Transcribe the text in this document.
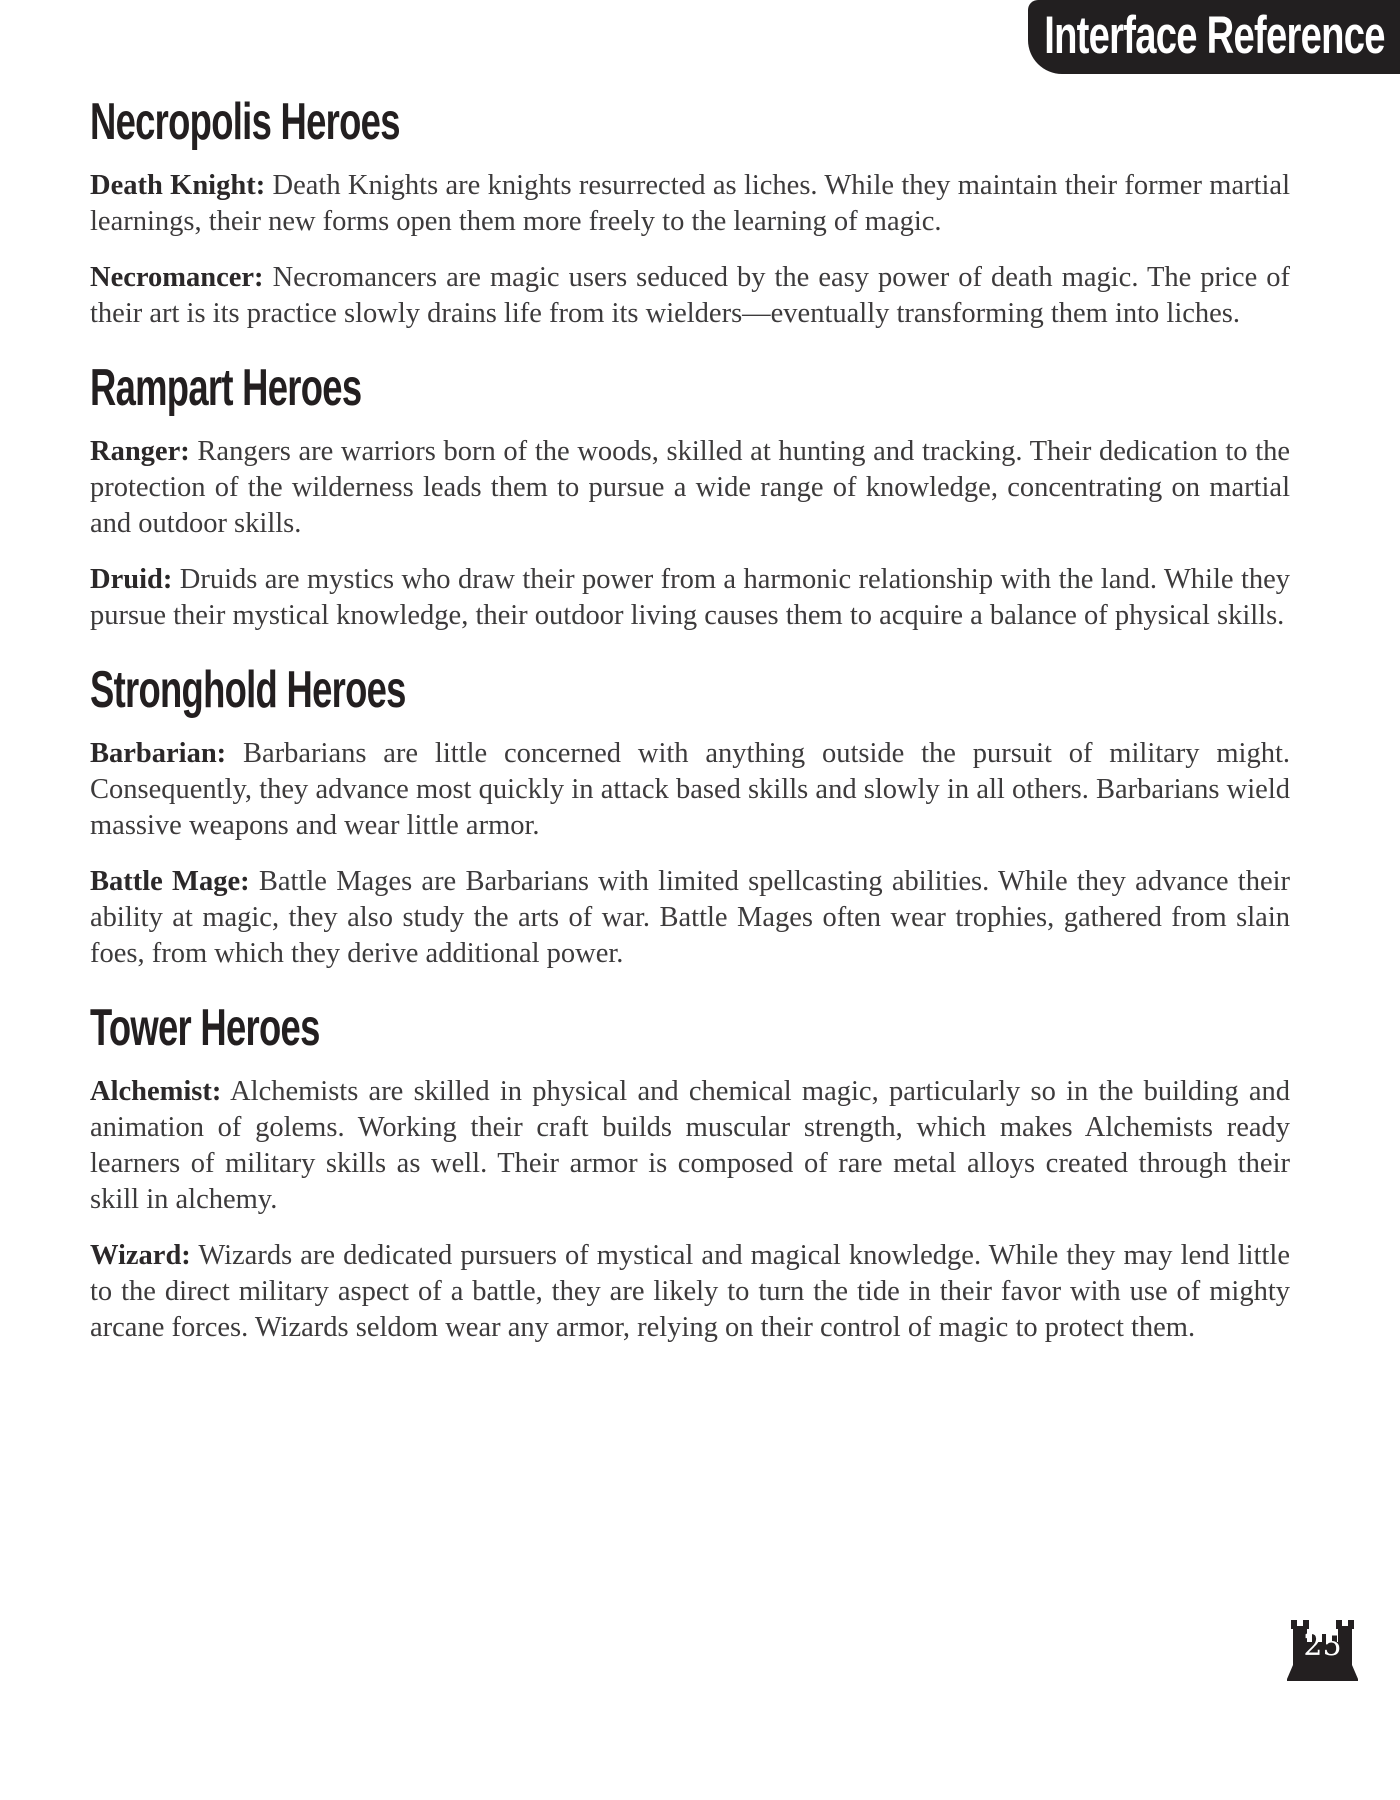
Interface Reference
Necropolis Heroes

Death Knight: Death Knights are knights resurrected as liches. While they maintain their former martial learnings, their new forms open them more freely to the learning of magic.

Necromancer: Necromancers are magic users seduced by the easy power of death magic. The price of their art is its practice slowly drains life from its wielders—eventually transforming them into liches.

Rampart Heroes

Ranger: Rangers are warriors born of the woods, skilled at hunting and tracking. Their dedication to the protection of the wilderness leads them to pursue a wide range of knowledge, concentrating on martial and outdoor skills.

Druid: Druids are mystics who draw their power from a harmonic relationship with the land. While they pursue their mystical knowledge, their outdoor living causes them to acquire a balance of physical skills.

Stronghold Heroes

Barbarian: Barbarians are little concerned with anything outside the pursuit of military might. Consequently, they advance most quickly in attack based skills and slowly in all others. Barbarians wield massive weapons and wear little armor.

Battle Mage: Battle Mages are Barbarians with limited spellcasting abilities. While they advance their ability at magic, they also study the arts of war. Battle Mages often wear trophies, gathered from slain foes, from which they derive additional power.

Tower Heroes

Alchemist: Alchemists are skilled in physical and chemical magic, particularly so in the building and animation of golems. Working their craft builds muscular strength, which makes Alchemists ready learners of military skills as well. Their armor is composed of rare metal alloys created through their skill in alchemy.

Wizard: Wizards are dedicated pursuers of mystical and magical knowledge. While they may lend little to the direct military aspect of a battle, they are likely to turn the tide in their favor with use of mighty arcane forces. Wizards seldom wear any armor, relying on their control of magic to protect them.

25
